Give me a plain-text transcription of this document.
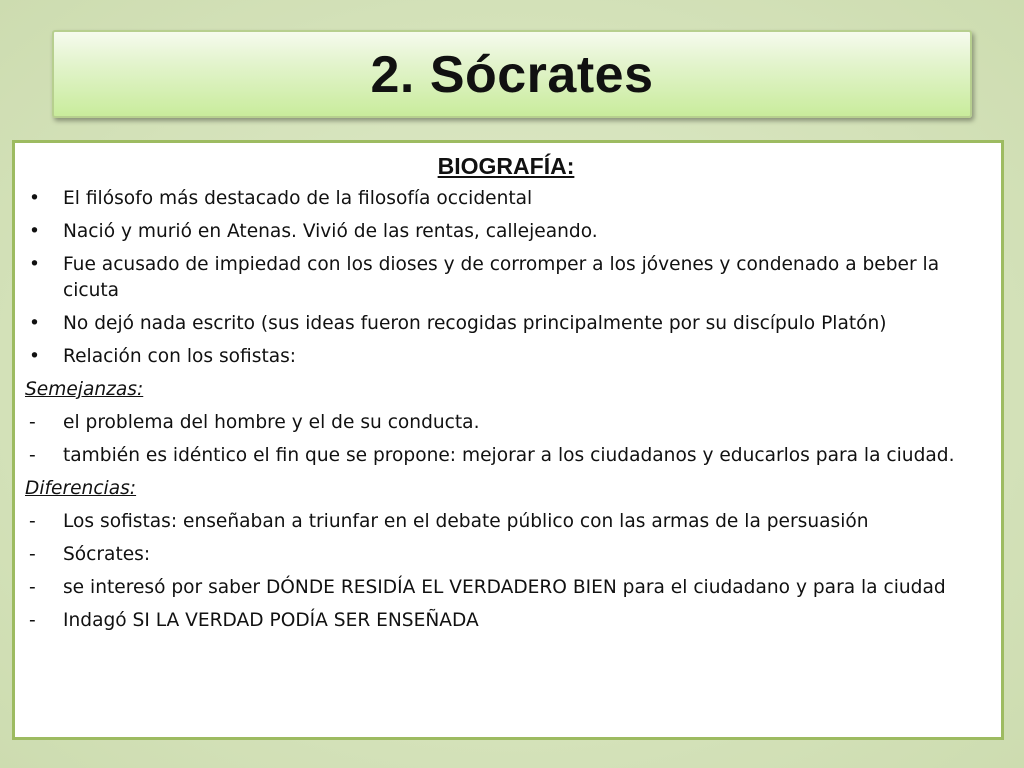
2. Sócrates
BIOGRAFÍA:
•	El filósofo más destacado de la filosofía occidental
•	Nació y murió en Atenas. Vivió de las rentas, callejeando.
•	Fue acusado de impiedad con los dioses y de corromper a los jóvenes y condenado a beber la cicuta
•	No dejó nada escrito (sus ideas fueron recogidas principalmente por su discípulo Platón)
•	Relación con los sofistas:
Semejanzas:
-	el problema del hombre y el de su conducta.
-	también es idéntico el fin que se propone: mejorar a los ciudadanos y educarlos para la ciudad.
Diferencias:
-	Los sofistas: enseñaban a triunfar en el debate público con las armas de la persuasión
-	Sócrates:
-	se interesó por saber DÓNDE RESIDÍA EL VERDADERO BIEN para el ciudadano y para la ciudad
-	Indagó SI LA VERDAD PODÍA SER ENSEÑADA
